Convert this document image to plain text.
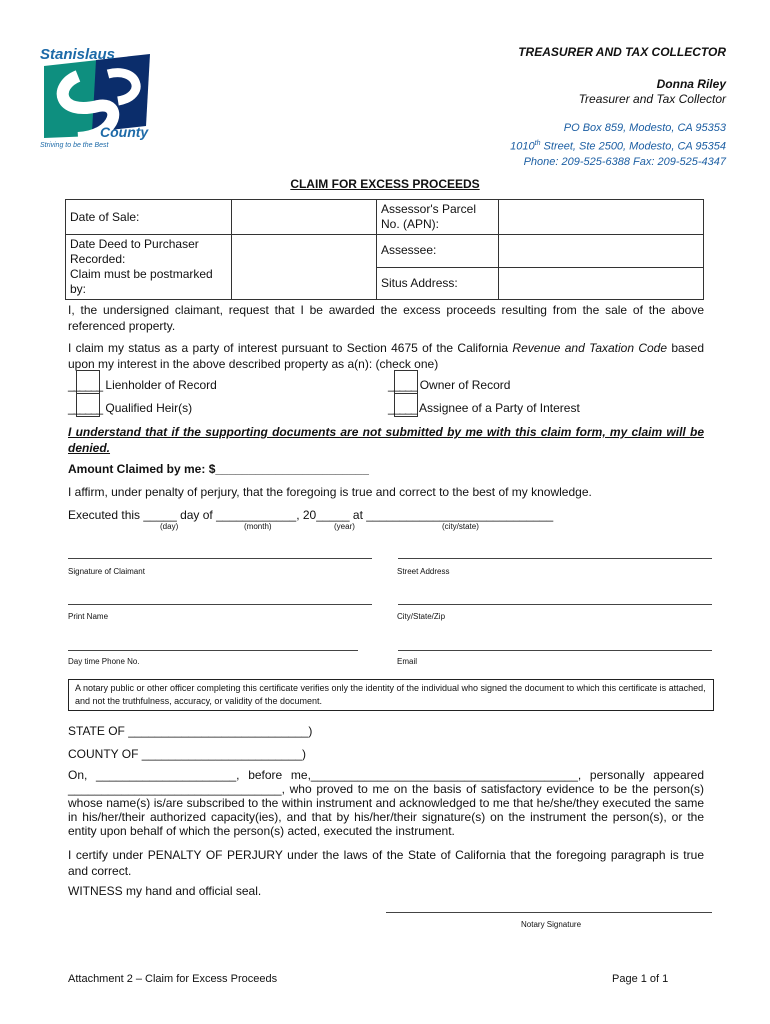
Stanislaus
County
Striving to be the Best
TREASURER AND TAX COLLECTOR
Donna Riley
Treasurer and Tax Collector
PO Box 859, Modesto, CA 95353
1010th Street, Ste 2500, Modesto, CA 95354
Phone: 209-525-6388 Fax: 209-525-4347
CLAIM FOR EXCESS PROCEEDS
Date of Sale:		Assessor's Parcel No. (APN):	

Date Deed to Purchaser Recorded:
Claim must be postmarked by:		Assessee:	
		Situs Address:	
I, the undersigned claimant, request that I be awarded the excess proceeds resulting from the sale of the above referenced property.
I claim my status as a party of interest pursuant to Section 4675 of the California Revenue and Taxation Code based upon my interest in the above described property as a(n): (check one)
______ Lienholder of Record	_____ Owner of Record
______ Qualified Heir(s)	_____ Assignee of a Party of Interest
I understand that if the supporting documents are not submitted by me with this claim form, my claim will be denied.
Amount Claimed by me: $_______________________
I affirm, under penalty of perjury, that the foregoing is true and correct to the best of my knowledge.
Executed this _____ day of ____________, 20_____ at ____________________________
(day)	(month)	(year)	(city/state)
Signature of Claimant	Street Address
Print Name	City/State/Zip
Day time Phone No.	Email
A notary public or other officer completing this certificate verifies only the identity of the individual who signed the document to which this certificate is attached, and not the truthfulness, accuracy, or validity of the document.
STATE OF ___________________________)
COUNTY OF ________________________)
On, _____________________, before me,________________________________________, personally appeared ________________________________, who proved to me on the basis of satisfactory evidence to be the person(s) whose name(s) is/are subscribed to the within instrument and acknowledged to me that he/she/they executed the same in his/her/their authorized capacity(ies), and that by his/her/their signature(s) on the instrument the person(s), or the entity upon behalf of which the person(s) acted, executed the instrument.
I certify under PENALTY OF PERJURY under the laws of the State of California that the foregoing paragraph is true and correct.
WITNESS my hand and official seal.
Notary Signature
Attachment 2 – Claim for Excess Proceeds	Page 1 of 1
